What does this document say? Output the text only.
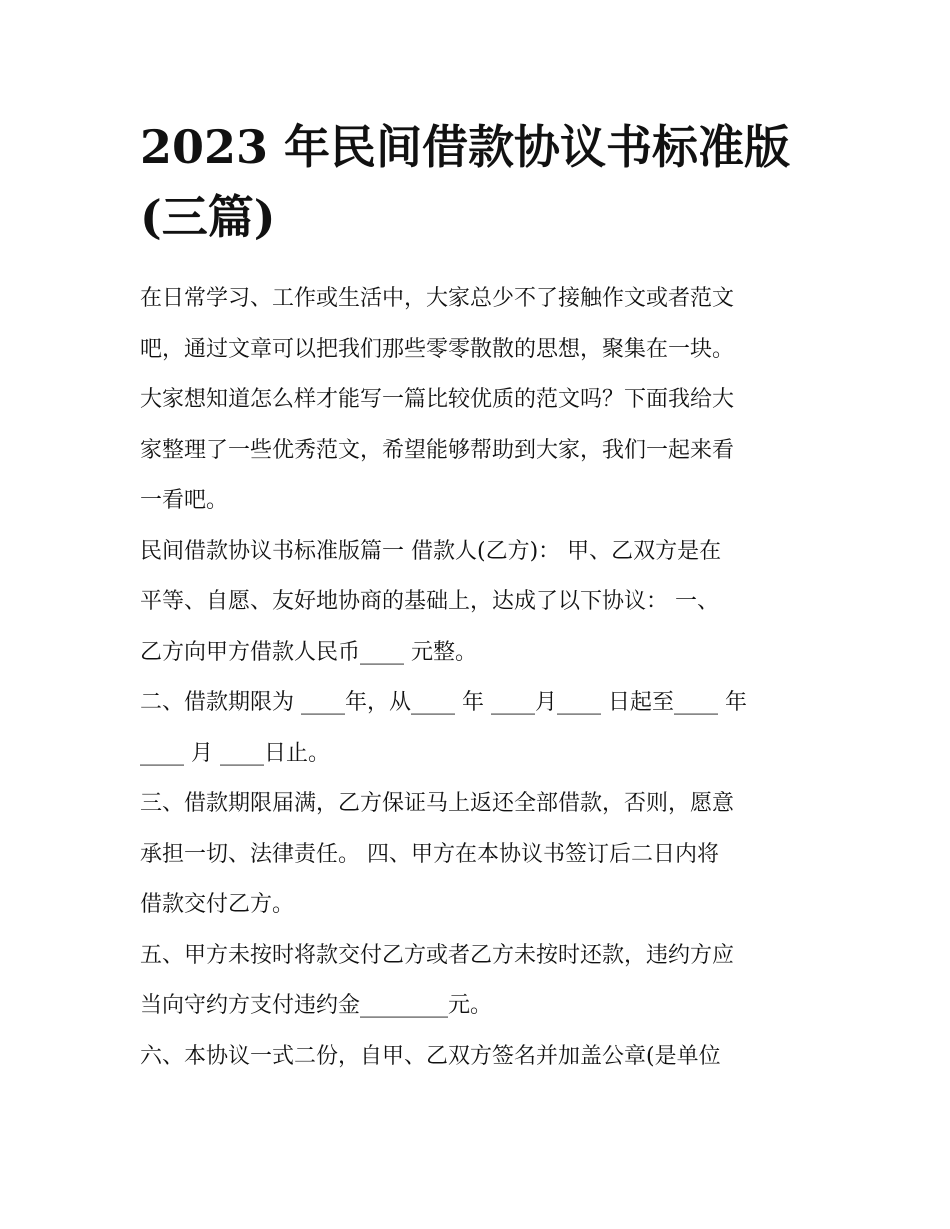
2023 年民间借款协议书标准版
(三篇)

在日常学习、工作或生活中，大家总少不了接触作文或者范文
吧，通过文章可以把我们那些零零散散的思想，聚集在一块。
大家想知道怎么样才能写一篇比较优质的范文吗？下面我给大
家整理了一些优秀范文，希望能够帮助到大家，我们一起来看
一看吧。

民间借款协议书标准版篇一 借款人(乙方)： 甲、乙双方是在
平等、自愿、友好地协商的基础上，达成了以下协议： 一、
乙方向甲方借款人民币____ 元整。

二、借款期限为 ____年，从____ 年 ____月____ 日起至____ 年
____ 月 ____日止。

三、借款期限届满，乙方保证马上返还全部借款，否则，愿意
承担一切、法律责任。 四、甲方在本协议书签订后二日内将
借款交付乙方。

五、甲方未按时将款交付乙方或者乙方未按时还款，违约方应
当向守约方支付违约金________元。

六、本协议一式二份，自甲、乙双方签名并加盖公章(是单位
